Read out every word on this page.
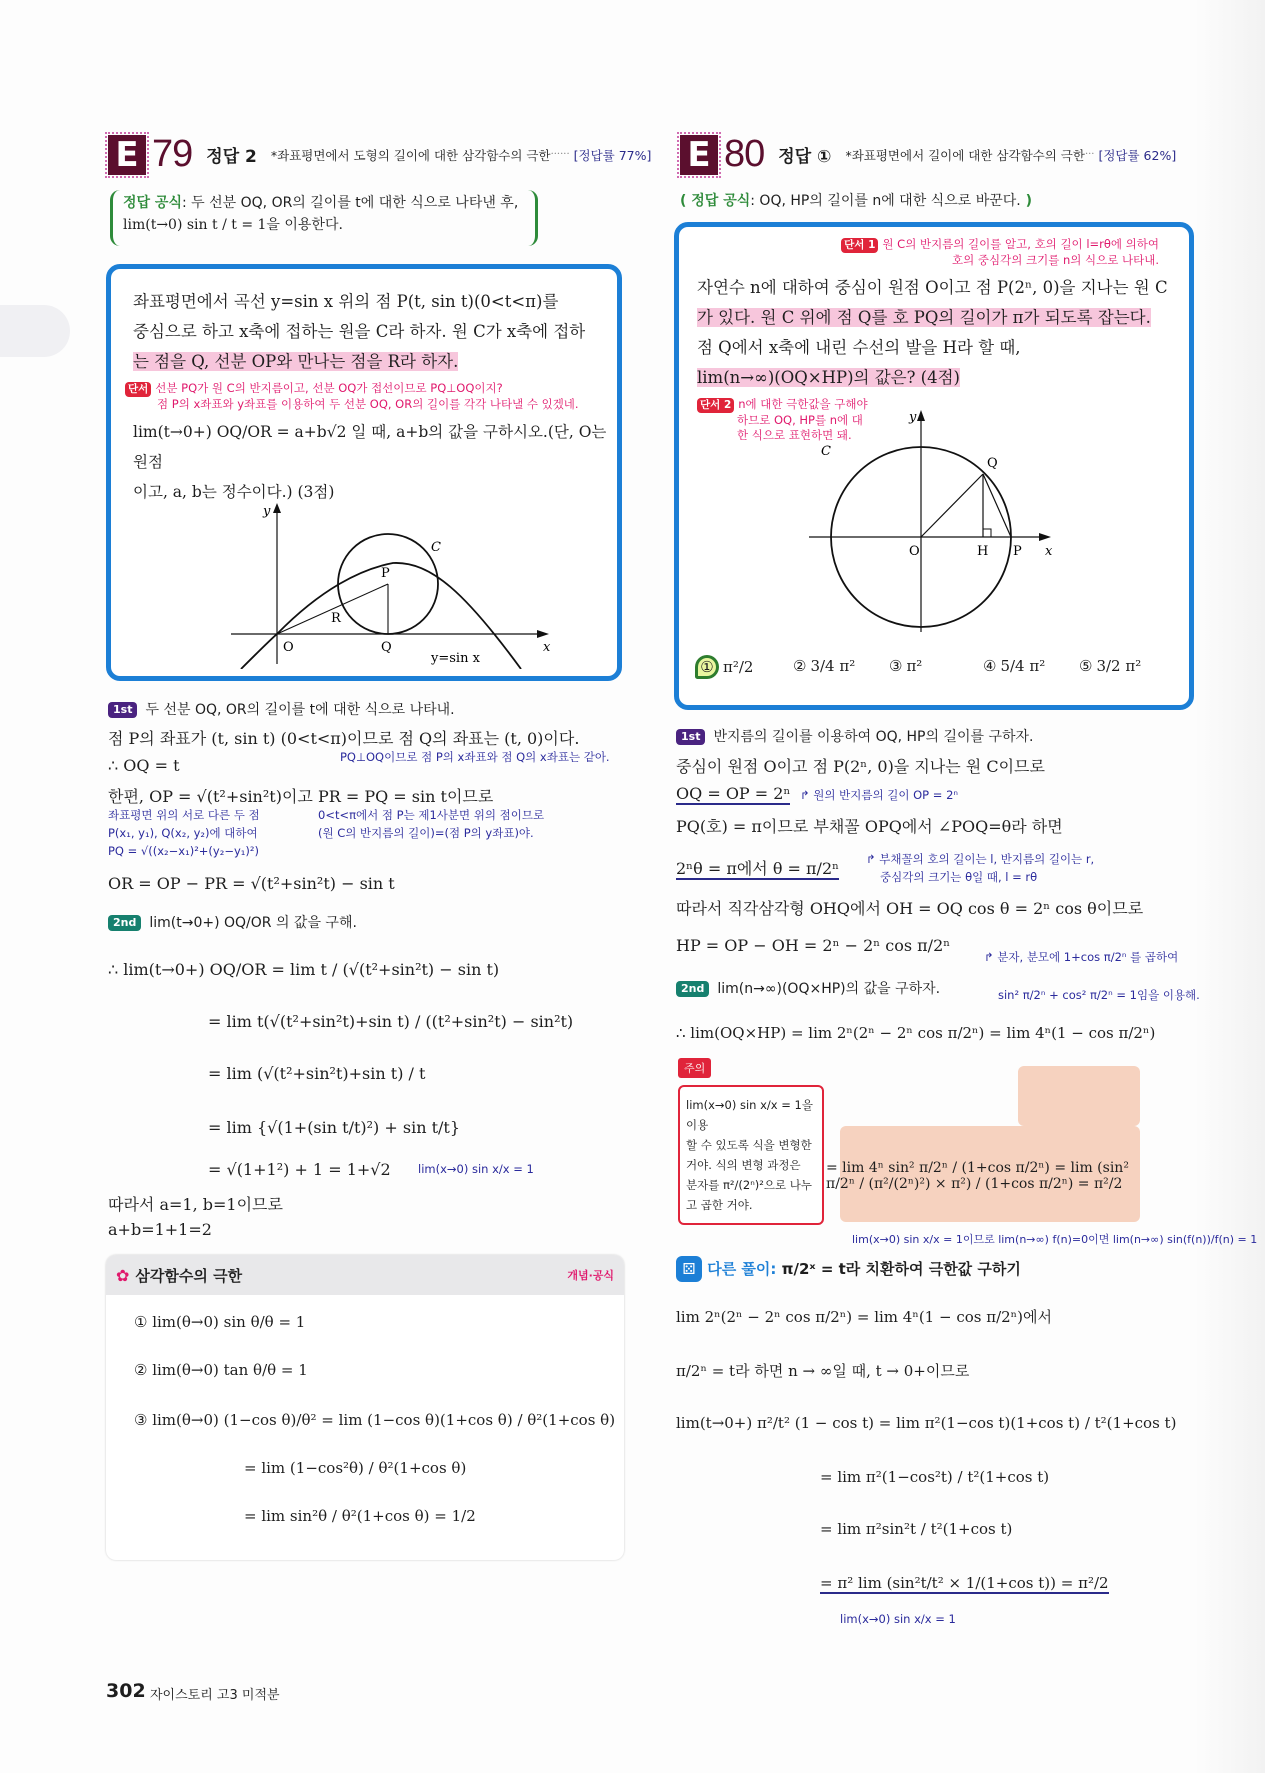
E 79 정답 2 *좌표평면에서 도형의 길이에 대한 삼각함수의 극한 ······ [정답률 77%]
정답 공식: 두 선분 OQ, OR의 길이를 t에 대한 식으로 나타낸 후,
lim(t→0) sin t / t = 1을 이용한다.
좌표평면에서 곡선 y=sin x 위의 점 P(t, sin t)(0<t<π)를
중심으로 하고 x축에 접하는 원을 C라 하자. 원 C가 x축에 접하
는 점을 Q, 선분 OP와 만나는 점을 R라 하자.
단서 선분 PQ가 원 C의 반지름이고, 선분 OQ가 접선이므로 PQ⊥OQ이지?
점 P의 x좌표와 y좌표를 이용하여 두 선분 OQ, OR의 길이를 각각 나타낼 수 있겠네.
lim(t→0+) OQ/OR = a+b√2 일 때, a+b의 값을 구하시오.(단, O는 원점
이고, a, b는 정수이다.) (3점)
y
O	Q
P
R
C
x
y=sin x
1st 두 선분 OQ, OR의 길이를 t에 대한 식으로 나타내.
점 P의 좌표가 (t, sin t) (0<t<π)이므로 점 Q의 좌표는 (t, 0)이다.
PQ⊥OQ이므로 점 P의 x좌표와 점 Q의 x좌표는 같아.
∴ OQ = t
한편, OP = √(t²+sin²t)이고 PR = PQ = sin t이므로
좌표평면 위의 서로 다른 두 점
P(x₁, y₁), Q(x₂, y₂)에 대하여
PQ = √((x₂−x₁)²+(y₂−y₁)²)
0<t<π에서 점 P는 제1사분면 위의 점이므로
(원 C의 반지름의 길이)=(점 P의 y좌표)야.
OR = OP − PR = √(t²+sin²t) − sin t
2nd lim(t→0+) OQ/OR 의 값을 구해.
∴ lim(t→0+) OQ/OR = lim t / (√(t²+sin²t) − sin t)
= lim t(√(t²+sin²t)+sin t) / ((t²+sin²t) − sin²t)
= lim (√(t²+sin²t)+sin t) / t
= lim {√(1+(sin t/t)²) + sin t/t}
= √(1+1²) + 1 = 1+√2 lim(x→0) sin x/x = 1
따라서 a=1, b=1이므로
a+b=1+1=2
✿ 삼각함수의 극한	개념·공식
① lim(θ→0) sin θ/θ = 1
② lim(θ→0) tan θ/θ = 1
③ lim(θ→0) (1−cos θ)/θ² = lim (1−cos θ)(1+cos θ) / θ²(1+cos θ)
= lim (1−cos²θ) / θ²(1+cos θ)
= lim sin²θ / θ²(1+cos θ) = 1/2
E 80 정답 ① *좌표평면에서 길이에 대한 삼각함수의 극한 ··· [정답률 62%]
( 정답 공식: OQ, HP의 길이를 n에 대한 식으로 바꾼다. )
단서 1 원 C의 반지름의 길이를 알고, 호의 길이 l=rθ에 의하여
호의 중심각의 크기를 n의 식으로 나타내.
자연수 n에 대하여 중심이 원점 O이고 점 P(2ⁿ, 0)을 지나는 원 C
가 있다. 원 C 위에 점 Q를 호 PQ의 길이가 π가 되도록 잡는다.
점 Q에서 x축에 내린 수선의 발을 H라 할 때,
lim(n→∞)(OQ×HP)의 값은? (4점)
단서 2 n에 대한 극한값을 구해야
하므로 OQ, HP를 n에 대
한 식으로 표현하면 돼.
y
O	H P x
Q
C
① π²/2	② 3/4 π² ③ π²	④ 5/4 π² ⑤ 3/2 π²
1st 반지름의 길이를 이용하여 OQ, HP의 길이를 구하자.
중심이 원점 O이고 점 P(2ⁿ, 0)을 지나는 원 C이므로
OQ = OP = 2ⁿ ↱ 원의 반지름의 길이 OP = 2ⁿ
PQ(호) = π이므로 부채꼴 OPQ에서 ∠POQ=θ라 하면
2ⁿθ = π에서 θ = π/2ⁿ ↱ 부채꼴의 호의 길이는 l, 반지름의 길이는 r,
중심각의 크기는 θ일 때, l = rθ
따라서 직각삼각형 OHQ에서 OH = OQ cos θ = 2ⁿ cos θ이므로
HP = OP − OH = 2ⁿ − 2ⁿ cos π/2ⁿ
↱ 분자, 분모에 1+cos π/2ⁿ 를 곱하여
sin² π/2ⁿ + cos² π/2ⁿ = 1임을 이용해.
2nd lim(n→∞)(OQ×HP)의 값을 구하자.
∴ lim(OQ×HP) = lim 2ⁿ(2ⁿ − 2ⁿ cos π/2ⁿ) = lim 4ⁿ(1 − cos π/2ⁿ)
= lim 4ⁿ sin² π/2ⁿ / (1+cos π/2ⁿ) = lim (sin² π/2ⁿ / (π²/(2ⁿ)²) × π²) / (1+cos π/2ⁿ) = π²/2
주의
lim(x→0) sin x/x = 1을 이용
할 수 있도록 식을 변형한
거야. 식의 변형 과정은
분자를 π²/(2ⁿ)²으로 나누
고 곱한 거야.
lim(x→0) sin x/x = 1이므로 lim(n→∞) f(n)=0이면 lim(n→∞) sin(f(n))/f(n) = 1
⚄ 다른 풀이: π/2ˣ = t라 치환하여 극한값 구하기
lim 2ⁿ(2ⁿ − 2ⁿ cos π/2ⁿ) = lim 4ⁿ(1 − cos π/2ⁿ)에서
π/2ⁿ = t라 하면 n → ∞일 때, t → 0+이므로
lim(t→0+) π²/t² (1 − cos t) = lim π²(1−cos t)(1+cos t) / t²(1+cos t)
= lim π²(1−cos²t) / t²(1+cos t)
= lim π²sin²t / t²(1+cos t)
= π² lim (sin²t/t² × 1/(1+cos t)) = π²/2
lim(x→0) sin x/x = 1
302 자이스토리 고3 미적분
